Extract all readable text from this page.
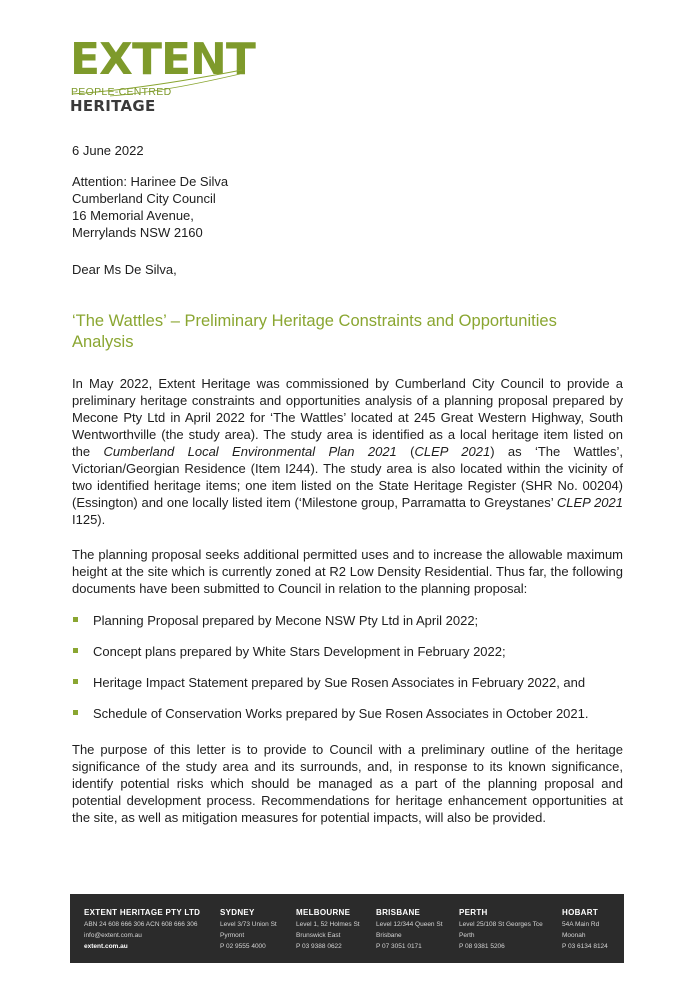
EXTENT
PEOPLE-CENTRED
HERITAGE
6 June 2022
Attention: Harinee De Silva
Cumberland City Council
16 Memorial Avenue,
Merrylands NSW 2160
Dear Ms De Silva,
‘The Wattles’ – Preliminary Heritage Constraints and Opportunities
Analysis
In May 2022, Extent Heritage was commissioned by Cumberland City Council to provide a preliminary heritage constraints and opportunities analysis of a planning proposal prepared by Mecone Pty Ltd in April 2022 for ‘The Wattles’ located at 245 Great Western Highway, South Wentworthville (the study area). The study area is identified as a local heritage item listed on the Cumberland Local Environmental Plan 2021 (CLEP 2021) as ‘The Wattles’, Victorian/Georgian Residence (Item I244). The study area is also located within the vicinity of two identified heritage items; one item listed on the State Heritage Register (SHR No. 00204) (Essington) and one locally listed item (‘Milestone group, Parramatta to Greystanes’ CLEP 2021 I125).
The planning proposal seeks additional permitted uses and to increase the allowable maximum height at the site which is currently zoned at R2 Low Density Residential. Thus far, the following documents have been submitted to Council in relation to the planning proposal:
Planning Proposal prepared by Mecone NSW Pty Ltd in April 2022;
Concept plans prepared by White Stars Development in February 2022;
Heritage Impact Statement prepared by Sue Rosen Associates in February 2022, and
Schedule of Conservation Works prepared by Sue Rosen Associates in October 2021.
The purpose of this letter is to provide to Council with a preliminary outline of the heritage significance of the study area and its surrounds, and, in response to its known significance, identify potential risks which should be managed as a part of the planning proposal and potential development process. Recommendations for heritage enhancement opportunities at the site, as well as mitigation measures for potential impacts, will also be provided.
EXTENT HERITAGE PTY LTD
ABN 24 608 666 306 ACN 608 666 306
info@extent.com.au
extent.com.au
SYDNEY
Level 3/73 Union St
Pyrmont
P 02 9555 4000
MELBOURNE
Level 1, 52 Holmes St
Brunswick East
P 03 9388 0622
BRISBANE
Level 12/344 Queen St
Brisbane
P 07 3051 0171
PERTH
Level 25/108 St Georges Tce
Perth
P 08 9381 5206
HOBART
54A Main Rd
Moonah
P 03 6134 8124
